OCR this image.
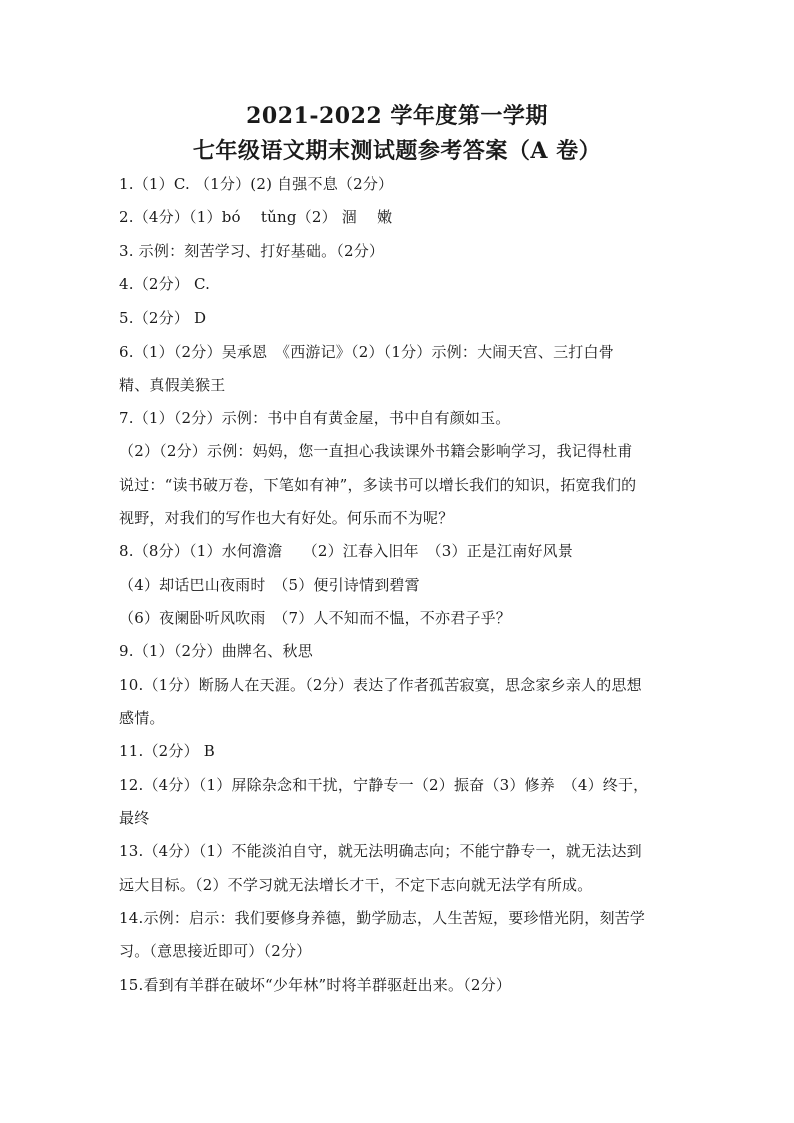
2021-2022 学年度第一学期
七年级语文期末测试题参考答案（A 卷）
1.（1）C. （1分）(2) 自强不息（2分）
2.（4分）（1）bó　 tǔng（2） 涸　 嫩
3. 示例：刻苦学习、打好基础。（2分）
4.（2分） C.
5.（2分） D
6.（1）（2分）吴承恩　《西游记》（2）（1分）示例：大闹天宫、三打白骨
精、真假美猴王
7.（1）（2分）示例：书中自有黄金屋，书中自有颜如玉。
（2）（2分）示例：妈妈，您一直担心我读课外书籍会影响学习，我记得杜甫
说过：“读书破万卷，下笔如有神”，多读书可以增长我们的知识，拓宽我们的
视野，对我们的写作也大有好处。何乐而不为呢？
8.（8分）（1）水何澹澹　 （2）江春入旧年　（3）正是江南好风景
（4）却话巴山夜雨时　（5）便引诗情到碧霄
（6）夜阑卧听风吹雨　（7）人不知而不愠，不亦君子乎？
9.（1）（2分）曲牌名、秋思
10.（1分）断肠人在天涯。（2分）表达了作者孤苦寂寞，思念家乡亲人的思想
感情。
11.（2分） B
12.（4分）（1）屏除杂念和干扰，宁静专一（2）振奋（3）修养　（4）终于，
最终
13.（4分）（1）不能淡泊自守，就无法明确志向；不能宁静专一，就无法达到
远大目标。（2）不学习就无法增长才干，不定下志向就无法学有所成。
14.示例：启示：我们要修身养德，勤学励志，人生苦短，要珍惜光阴，刻苦学
习。（意思接近即可）（2分）
15.看到有羊群在破坏“少年林”时将羊群驱赶出来。（2分）
